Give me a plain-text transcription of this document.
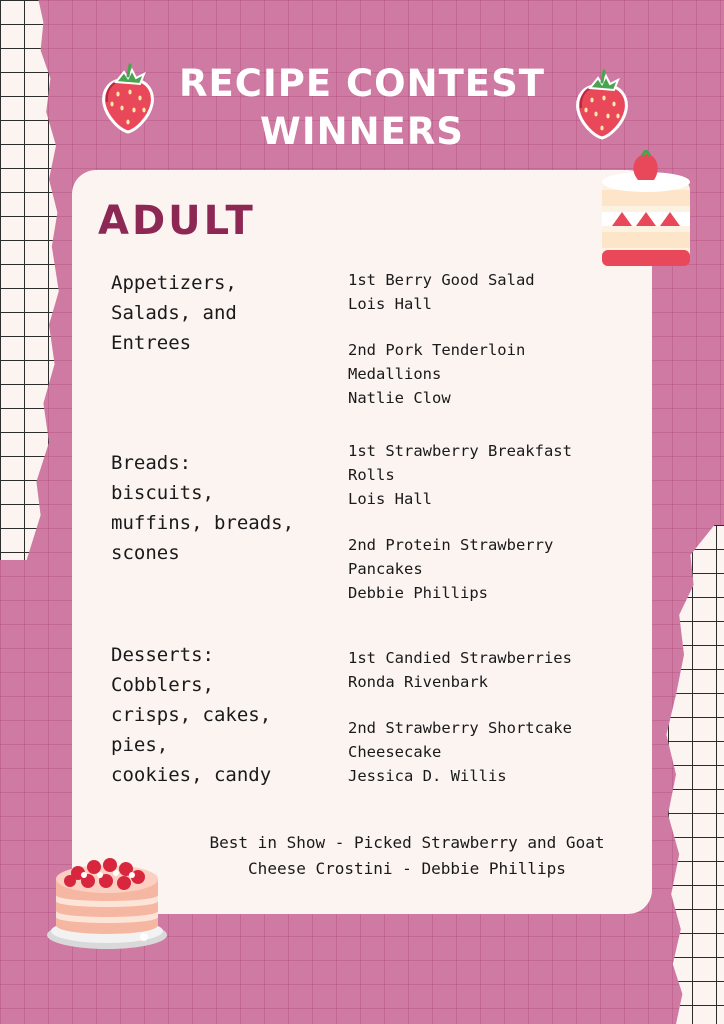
RECIPE CONTEST
WINNERS
ADULT

Appetizers,
Salads, and
Entrees

1st Berry Good Salad
Lois Hall

2nd Pork Tenderloin
Medallions
Natlie Clow

Breads:
biscuits,
muffins, breads,
scones

1st Strawberry Breakfast
Rolls
Lois Hall

2nd Protein Strawberry
Pancakes
Debbie Phillips

Desserts:
Cobblers,
crisps, cakes,
pies,
cookies, candy

1st Candied Strawberries
Ronda Rivenbark

2nd Strawberry Shortcake
Cheesecake
Jessica D. Willis

Best in Show - Picked Strawberry and Goat
Cheese Crostini - Debbie Phillips
